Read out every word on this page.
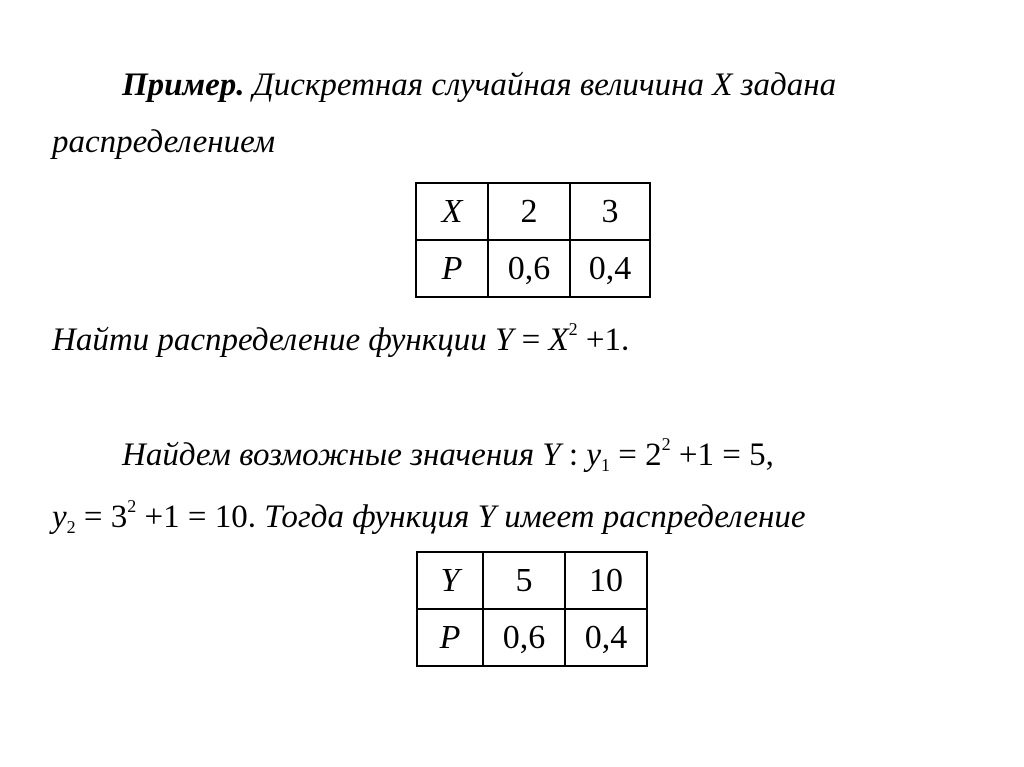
Пример. Дискретная случайная величина X задана
распределением
X	2	3
P	0,6	0,4
Найти распределение функции $Y = X^2 +1$.
Найдем возможные значения Y : $y_1 = 2^2 +1 = 5$,
$y_2 = 3^2 +1 = 10$. Тогда функция Y имеет распределение
Y	5	10
P	0,6	0,4
